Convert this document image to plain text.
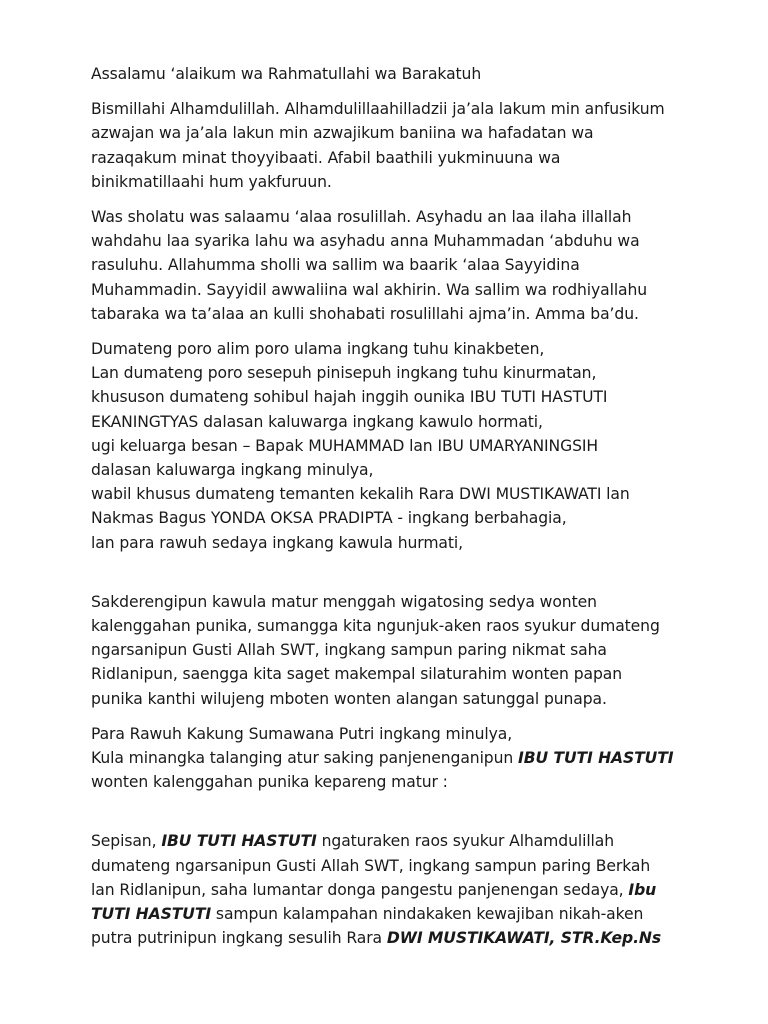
Assalamu ‘alaikum wa Rahmatullahi wa Barakatuh
Bismillahi Alhamdulillah. Alhamdulillaahilladzii ja’ala lakum min anfusikum
azwajan wa ja’ala lakun min azwajikum baniina wa hafadatan wa
razaqakum minat thoyyibaati. Afabil baathili yukminuuna wa
binikmatillaahi hum yakfuruun.
Was sholatu was salaamu ‘alaa rosulillah. Asyhadu an laa ilaha illallah
wahdahu laa syarika lahu wa asyhadu anna Muhammadan ‘abduhu wa
rasuluhu. Allahumma sholli wa sallim wa baarik ‘alaa Sayyidina
Muhammadin. Sayyidil awwaliina wal akhirin. Wa sallim wa rodhiyallahu
tabaraka wa ta’alaa an kulli shohabati rosulillahi ajma’in. Amma ba’du.
Dumateng poro alim poro ulama ingkang tuhu kinakbeten,
Lan dumateng poro sesepuh pinisepuh ingkang tuhu kinurmatan,
khususon dumateng sohibul hajah inggih ounika IBU TUTI HASTUTI
EKANINGTYAS dalasan kaluwarga ingkang kawulo hormati,
ugi keluarga besan – Bapak MUHAMMAD lan IBU UMARYANINGSIH
dalasan kaluwarga ingkang minulya,
wabil khusus dumateng temanten kekalih Rara DWI MUSTIKAWATI lan
Nakmas Bagus YONDA OKSA PRADIPTA - ingkang berbahagia,
lan para rawuh sedaya ingkang kawula hurmati,
Sakderengipun kawula matur menggah wigatosing sedya wonten
kalenggahan punika, sumangga kita ngunjuk-aken raos syukur dumateng
ngarsanipun Gusti Allah SWT, ingkang sampun paring nikmat saha
Ridlanipun, saengga kita saget makempal silaturahim wonten papan
punika kanthi wilujeng mboten wonten alangan satunggal punapa.
Para Rawuh Kakung Sumawana Putri ingkang minulya,
Kula minangka talanging atur saking panjenenganipun IBU TUTI HASTUTI
wonten kalenggahan punika kepareng matur :
Sepisan, IBU TUTI HASTUTI ngaturaken raos syukur Alhamdulillah
dumateng ngarsanipun Gusti Allah SWT, ingkang sampun paring Berkah
lan Ridlanipun, saha lumantar donga pangestu panjenengan sedaya, Ibu
TUTI HASTUTI sampun kalampahan nindakaken kewajiban nikah-aken
putra putrinipun ingkang sesulih Rara DWI MUSTIKAWATI, STR.Kep.Ns
